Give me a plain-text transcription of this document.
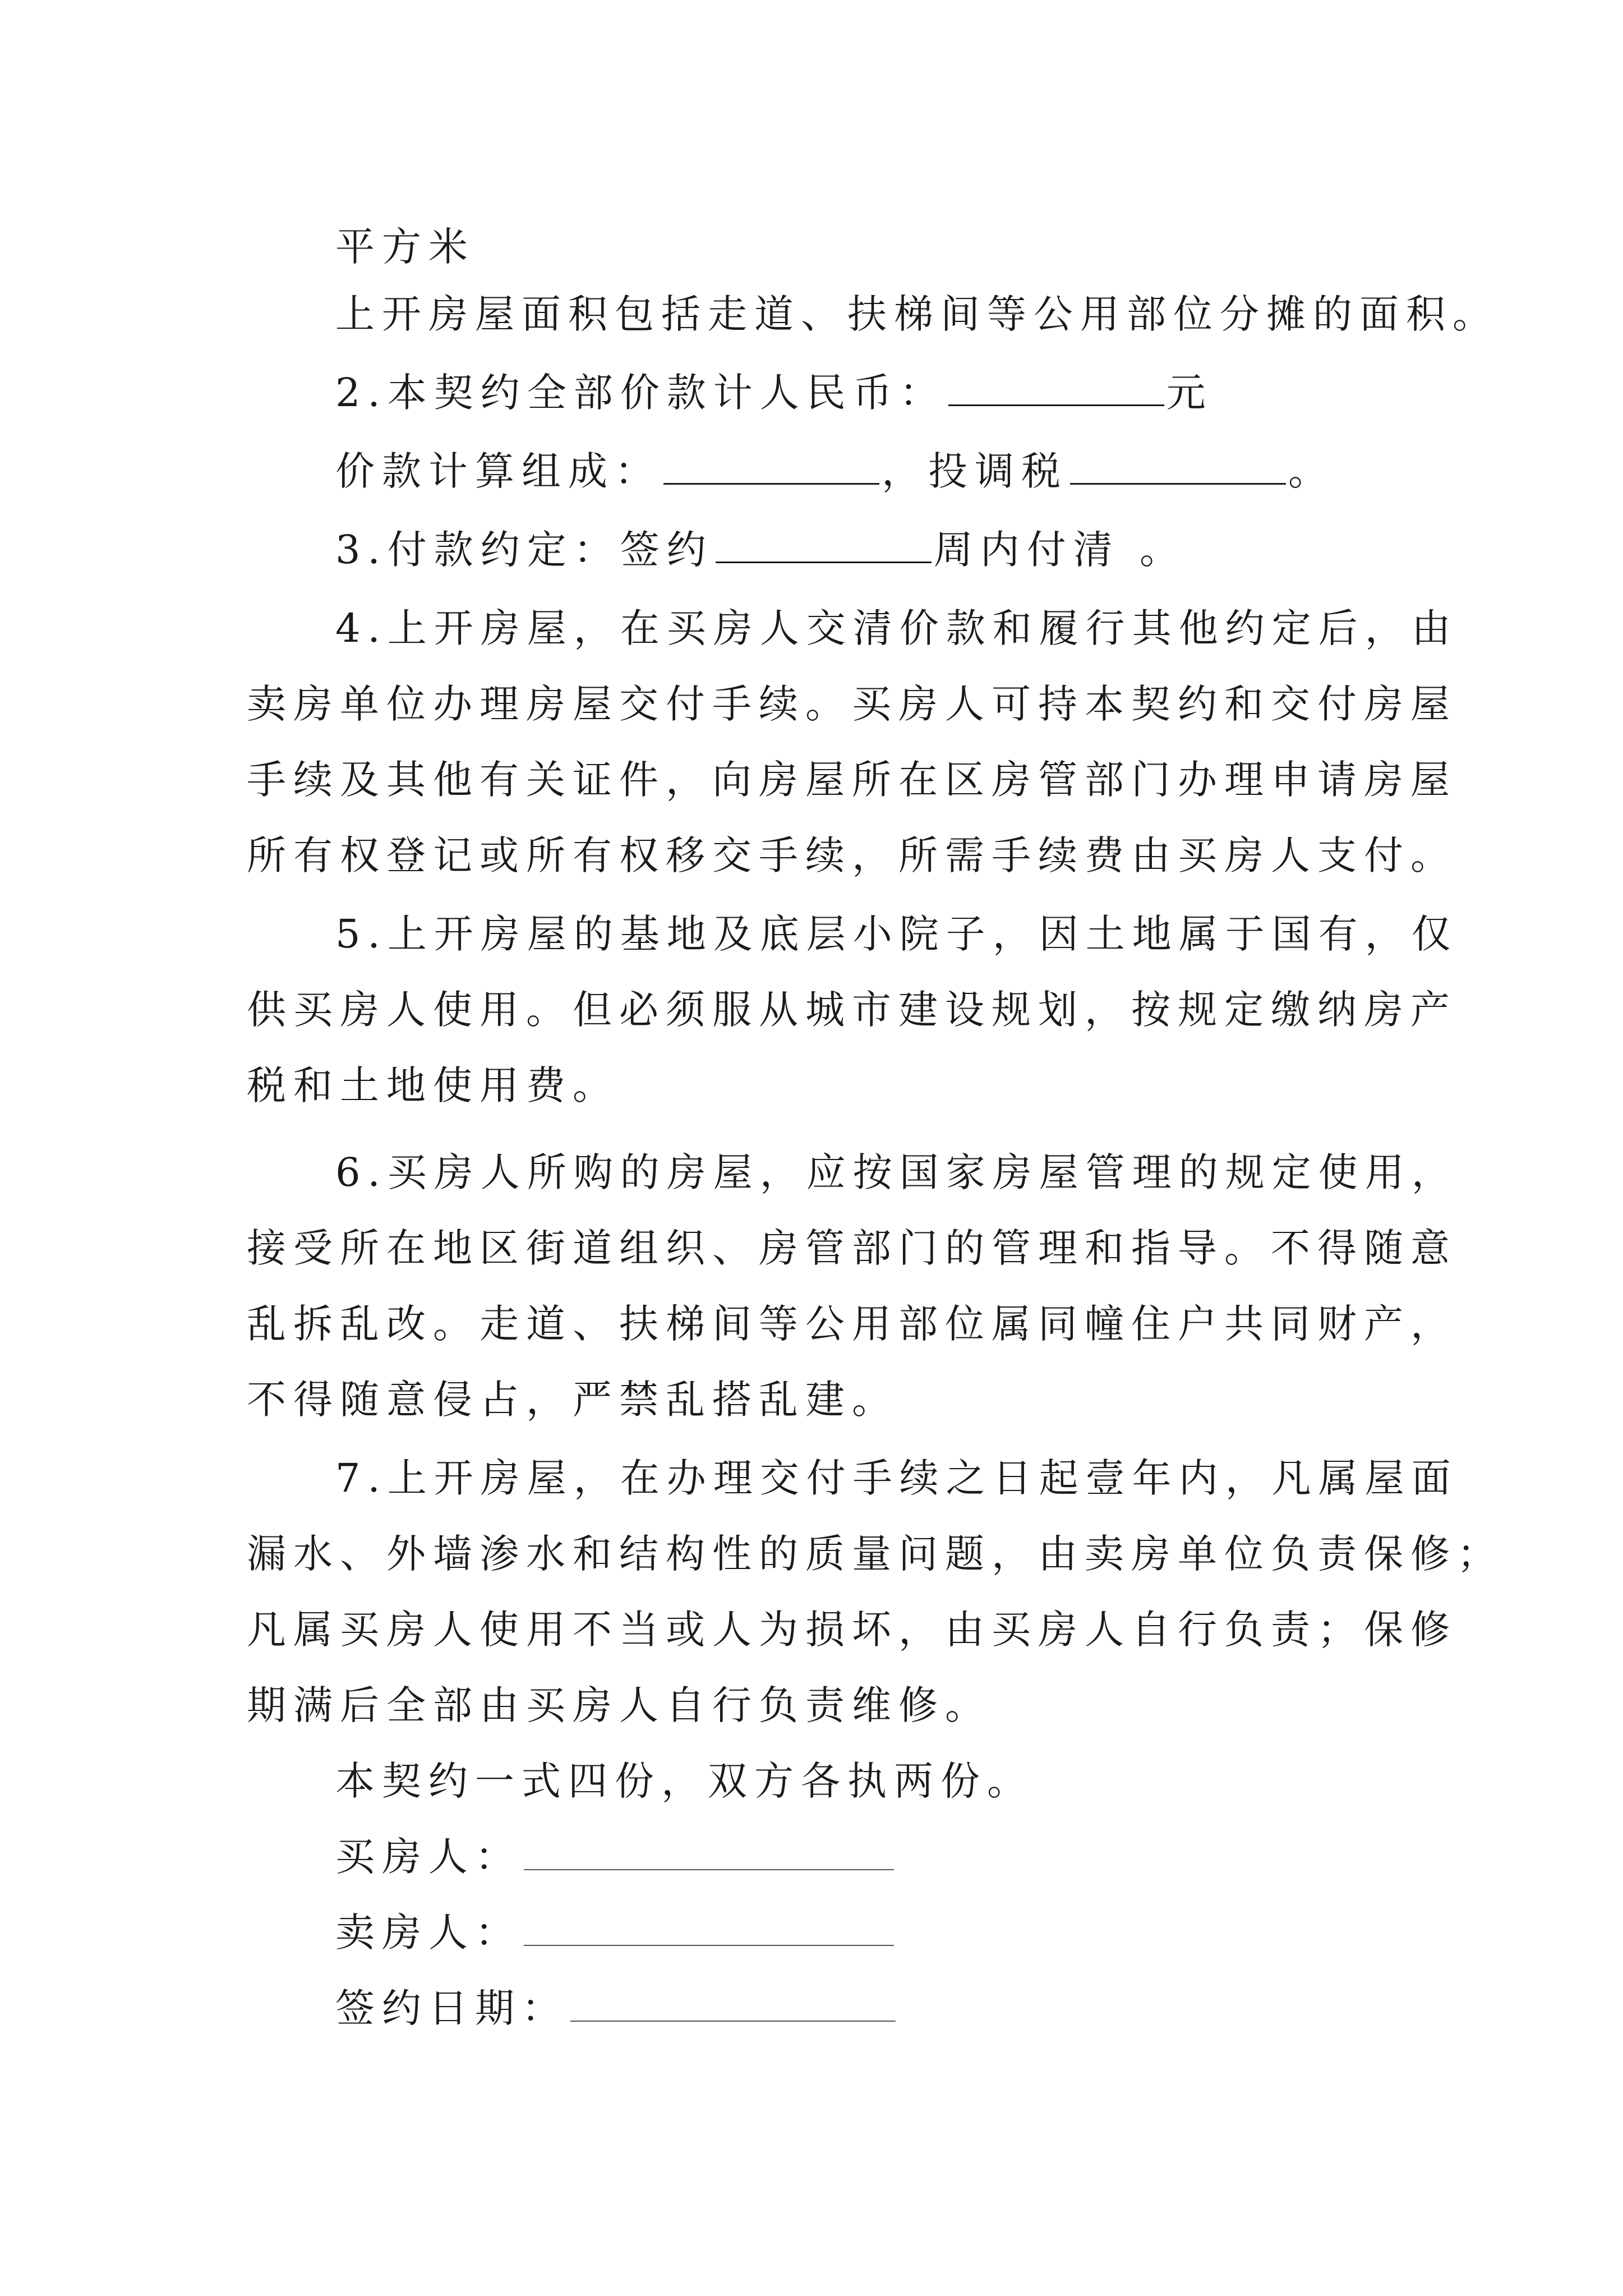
平方米
上开房屋面积包括走道、扶梯间等公用部位分摊的面积。
2.本契约全部价款计人民币：	元
价款计算组成：	，投调税	。
3.付款约定：签约	周内付清 。
4.上开房屋，在买房人交清价款和履行其他约定后，由
卖房单位办理房屋交付手续。买房人可持本契约和交付房屋
手续及其他有关证件，向房屋所在区房管部门办理申请房屋
所有权登记或所有权移交手续，所需手续费由买房人支付。
5.上开房屋的基地及底层小院子，因土地属于国有，仅
供买房人使用。但必须服从城市建设规划，按规定缴纳房产
税和土地使用费。
6.买房人所购的房屋，应按国家房屋管理的规定使用，
接受所在地区街道组织、房管部门的管理和指导。不得随意
乱拆乱改。走道、扶梯间等公用部位属同幢住户共同财产，
不得随意侵占，严禁乱搭乱建。
7.上开房屋，在办理交付手续之日起壹年内，凡属屋面
漏水、外墙渗水和结构性的质量问题，由卖房单位负责保修；
凡属买房人使用不当或人为损坏，由买房人自行负责；保修
期满后全部由买房人自行负责维修。
本契约一式四份，双方各执两份。
买房人：
卖房人：
签约日期：
